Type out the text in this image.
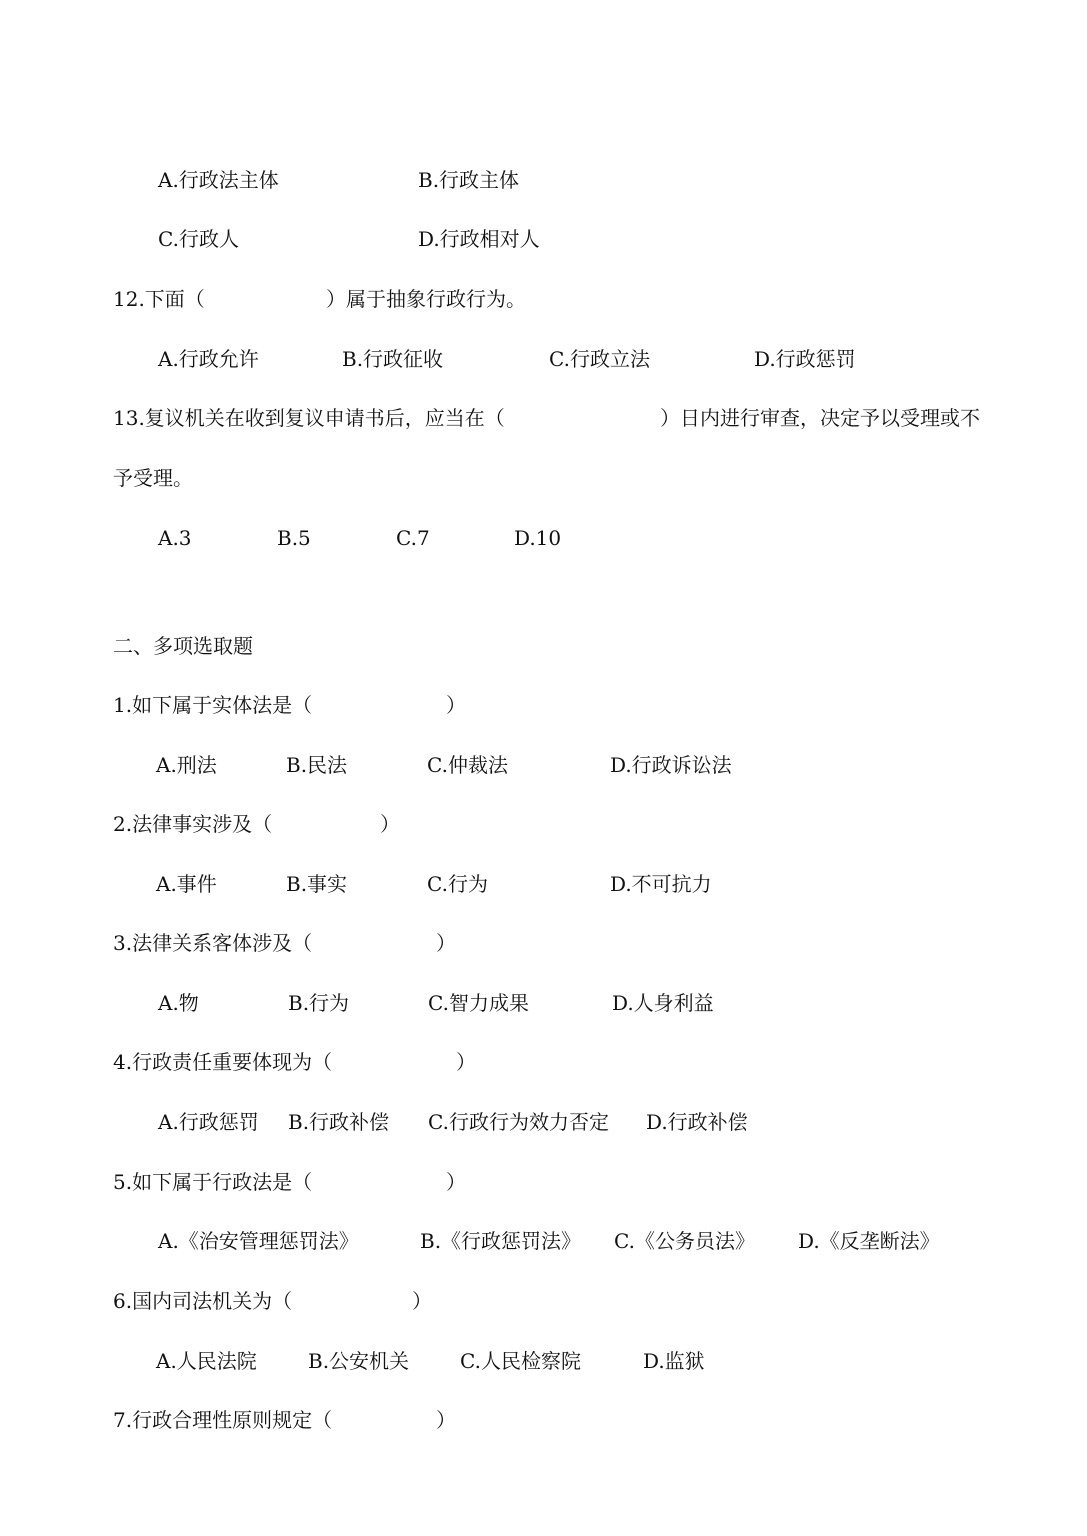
A.行政法主体	B.行政主体
C.行政人	D.行政相对人
12.下面（	）属于抽象行政行为。
A.行政允许	B.行政征收	C.行政立法	D.行政惩罚
13.复议机关在收到复议申请书后，应当在（	）日内进行审查，决定予以受理或不
予受理。
A.3	B.5	C.7	D.10
二、多项选取题
1.如下属于实体法是（	）
A.刑法	B.民法	C.仲裁法	D.行政诉讼法
2.法律事实涉及（	）
A.事件	B.事实	C.行为	D.不可抗力
3.法律关系客体涉及（	）
A.物	B.行为	C.智力成果	D.人身利益
4.行政责任重要体现为（	）
A.行政惩罚 B.行政补偿 C.行政行为效力否定 D.行政补偿
5.如下属于行政法是（	）
A.《治安管理惩罚法》	B.《行政惩罚法》 C.《公务员法》 D.《反垄断法》
6.国内司法机关为（	）
A.人民法院	B.公安机关	C.人民检察院	D.监狱
7.行政合理性原则规定（	）
